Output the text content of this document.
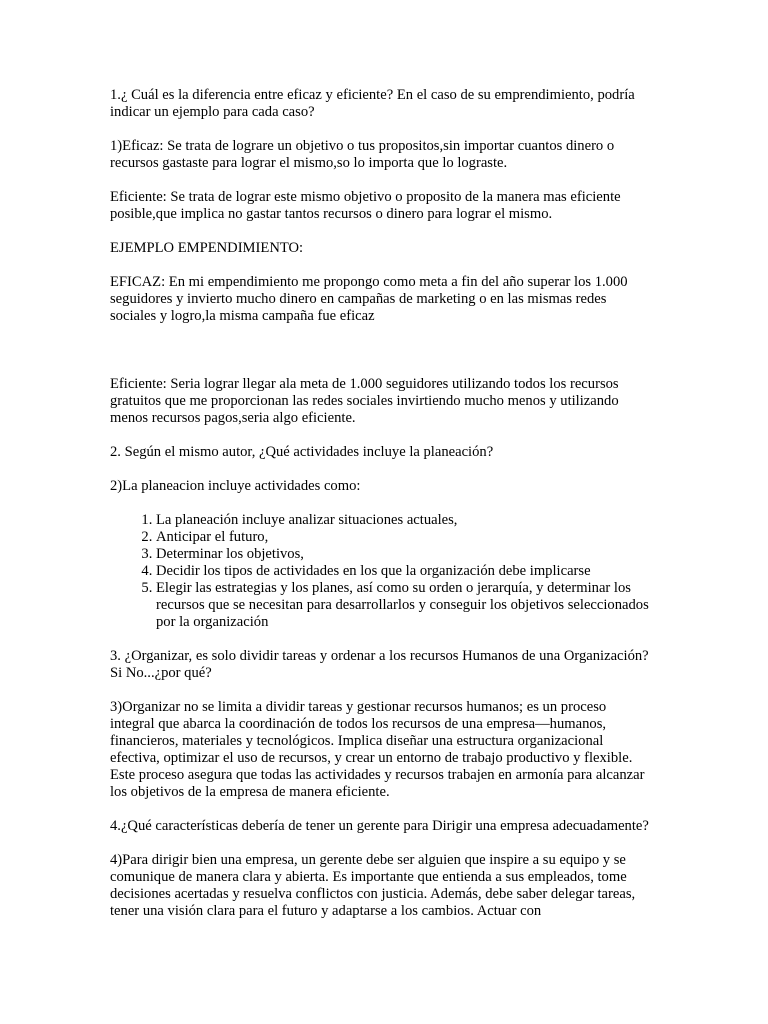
1.¿ Cuál es la diferencia entre eficaz y eficiente? En el caso de su emprendimiento, podría indicar un ejemplo para cada caso?

1)Eficaz: Se trata de lograre un objetivo o tus propositos,sin importar cuantos dinero o recursos gastaste para lograr el mismo,so lo importa que lo lograste.

Eficiente: Se trata de lograr este mismo objetivo o proposito de la manera mas eficiente posible,que implica no gastar tantos recursos o dinero para lograr el mismo.

EJEMPLO EMPENDIMIENTO:

EFICAZ: En mi empendimiento me propongo como meta a fin del año superar los 1.000 seguidores y invierto mucho dinero en campañas de marketing o en las mismas redes sociales y logro,la misma campaña fue eficaz

Eficiente: Seria lograr llegar ala meta de 1.000 seguidores utilizando todos los recursos gratuitos que me proporcionan las redes sociales invirtiendo mucho menos y utilizando menos recursos pagos,seria algo eficiente.

2. Según el mismo autor, ¿Qué actividades incluye la planeación?

2)La planeacion incluye actividades como:

1. La planeación incluye analizar situaciones actuales,
2. Anticipar el futuro,
3. Determinar los objetivos,
4. Decidir los tipos de actividades en los que la organización debe implicarse
5. Elegir las estrategias y los planes, así como su orden o jerarquía, y determinar los recursos que se necesitan para desarrollarlos y conseguir los objetivos seleccionados por la organización

3. ¿Organizar, es solo dividir tareas y ordenar a los recursos Humanos de una Organización? Si No...¿por qué?

3)Organizar no se limita a dividir tareas y gestionar recursos humanos; es un proceso integral que abarca la coordinación de todos los recursos de una empresa—humanos, financieros, materiales y tecnológicos. Implica diseñar una estructura organizacional efectiva, optimizar el uso de recursos, y crear un entorno de trabajo productivo y flexible. Este proceso asegura que todas las actividades y recursos trabajen en armonía para alcanzar los objetivos de la empresa de manera eficiente.

4.¿Qué características debería de tener un gerente para Dirigir una empresa adecuadamente?

4)Para dirigir bien una empresa, un gerente debe ser alguien que inspire a su equipo y se comunique de manera clara y abierta. Es importante que entienda a sus empleados, tome decisiones acertadas y resuelva conflictos con justicia. Además, debe saber delegar tareas, tener una visión clara para el futuro y adaptarse a los cambios. Actuar con
